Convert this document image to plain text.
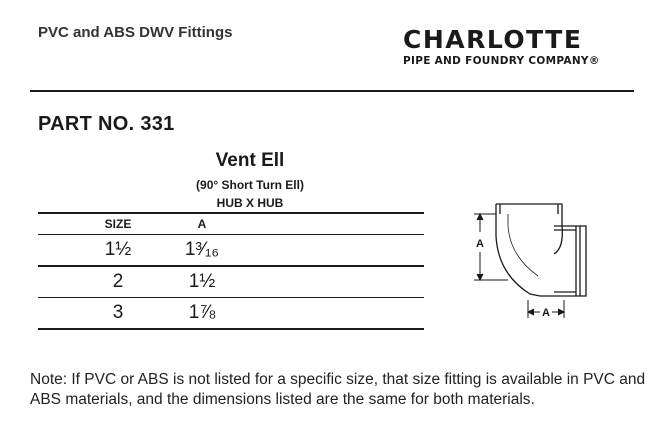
PVC and ABS DWV Fittings	CHARLOTTE
PIPE AND FOUNDRY COMPANY®
PART NO. 331
Vent Ell
(90° Short Turn Ell)
HUB X HUB
SIZE	A
1½	1³⁄₁₆
2	1½
3	1⅞
A
A
Note: If PVC or ABS is not listed for a specific size, that size fitting is available in PVC and ABS materials, and the dimensions listed are the same for both materials.
